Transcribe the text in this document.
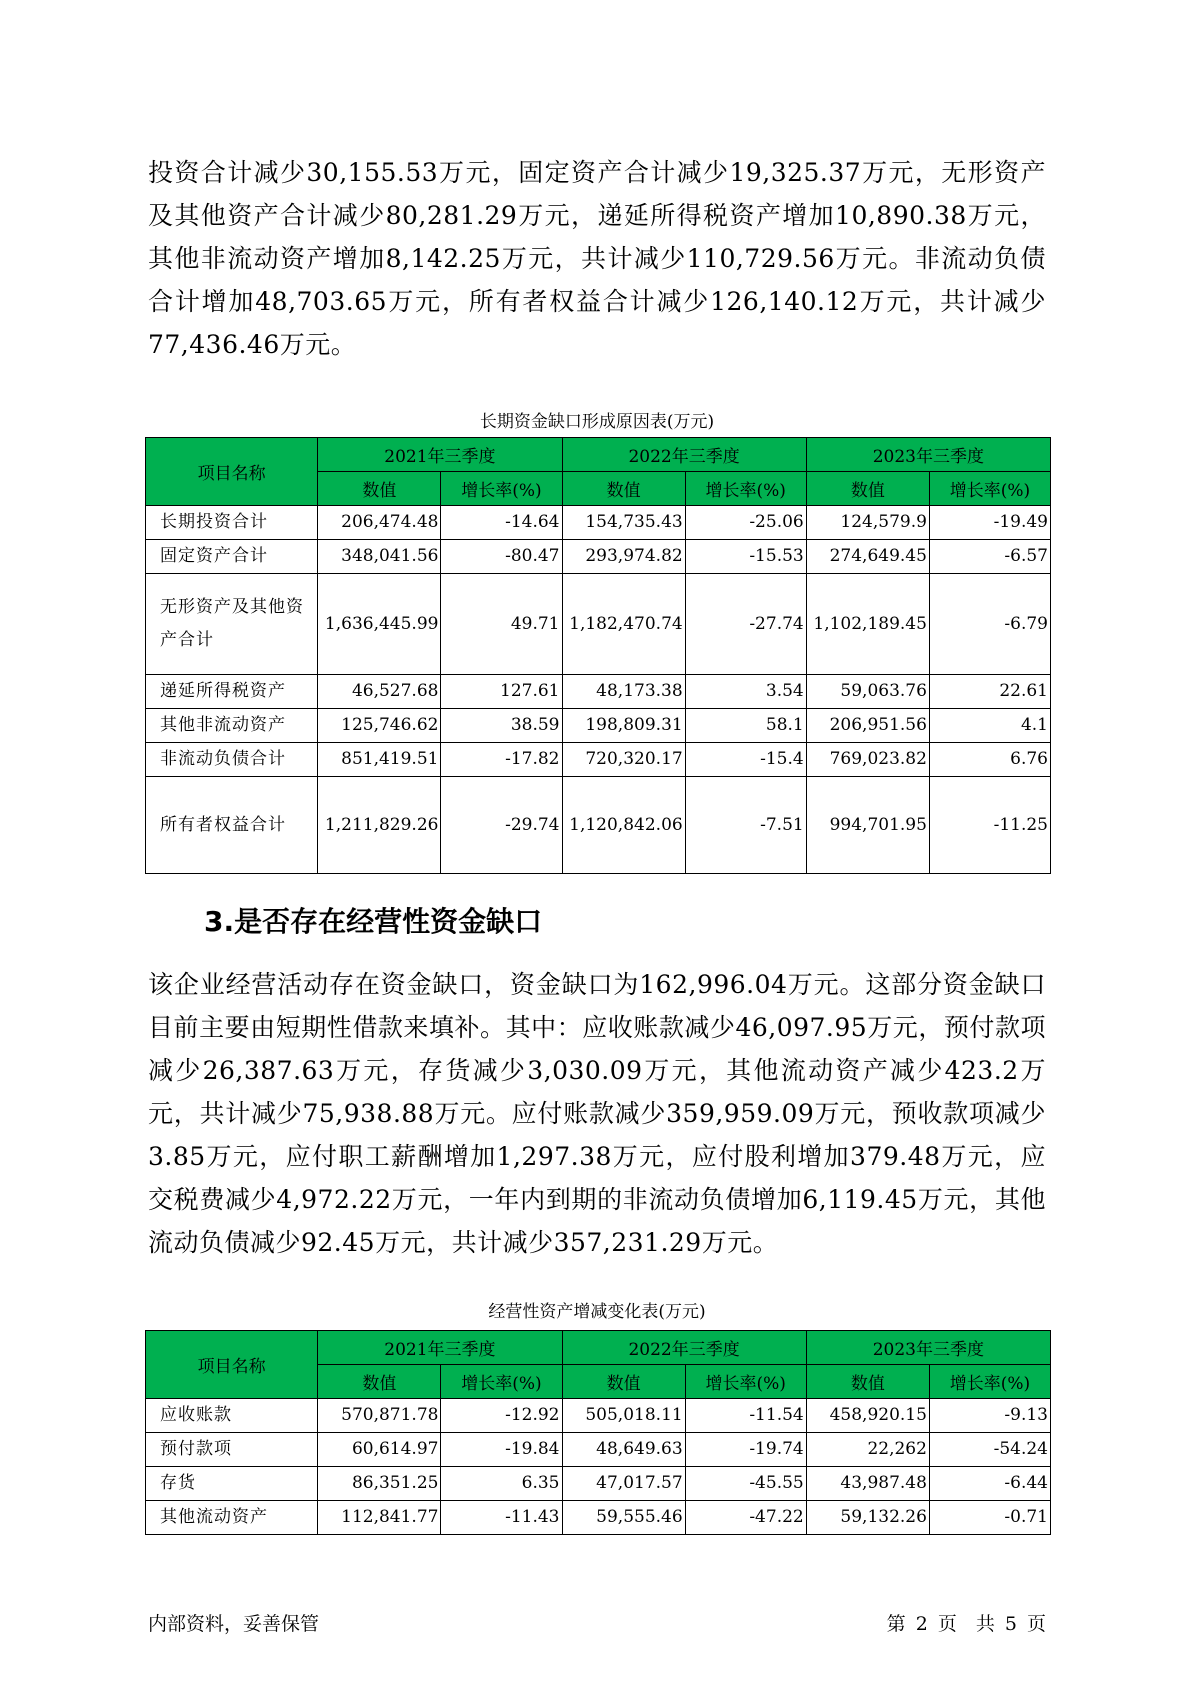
投资合计减少30,155.53万元，固定资产合计减少19,325.37万元，无形资产及其他资产合计减少80,281.29万元，递延所得税资产增加10,890.38万元，其他非流动资产增加8,142.25万元，共计减少110,729.56万元。非流动负债合计增加48,703.65万元，所有者权益合计减少126,140.12万元，共计减少77,436.46万元。

长期资金缺口形成原因表(万元)
项目名称	2021年三季度		2022年三季度		2023年三季度	
	数值	增长率(%)	数值	增长率(%)	数值	增长率(%)
长期投资合计	206,474.48	-14.64	154,735.43	-25.06	124,579.9	-19.49
固定资产合计	348,041.56	-80.47	293,974.82	-15.53	274,649.45	-6.57
无形资产及其他资产合计	1,636,445.99	49.71	1,182,470.74	-27.74	1,102,189.45	-6.79
递延所得税资产	46,527.68	127.61	48,173.38	3.54	59,063.76	22.61
其他非流动资产	125,746.62	38.59	198,809.31	58.1	206,951.56	4.1
非流动负债合计	851,419.51	-17.82	720,320.17	-15.4	769,023.82	6.76
所有者权益合计	1,211,829.26	-29.74	1,120,842.06	-7.51	994,701.95	-11.25
3.是否存在经营性资金缺口

该企业经营活动存在资金缺口，资金缺口为162,996.04万元。这部分资金缺口目前主要由短期性借款来填补。其中：应收账款减少46,097.95万元，预付款项减少26,387.63万元，存货减少3,030.09万元，其他流动资产减少423.2万元，共计减少75,938.88万元。应付账款减少359,959.09万元，预收款项减少3.85万元，应付职工薪酬增加1,297.38万元，应付股利增加379.48万元，应交税费减少4,972.22万元，一年内到期的非流动负债增加6,119.45万元，其他流动负债减少92.45万元，共计减少357,231.29万元。

经营性资产增减变化表(万元)
项目名称	2021年三季度		2022年三季度		2023年三季度	
	数值	增长率(%)	数值	增长率(%)	数值	增长率(%)
应收账款	570,871.78	-12.92	505,018.11	-11.54	458,920.15	-9.13
预付款项	60,614.97	-19.84	48,649.63	-19.74	22,262	-54.24
存货	86,351.25	6.35	47,017.57	-45.55	43,987.48	-6.44
其他流动资产	112,841.77	-11.43	59,555.46	-47.22	59,132.26	-0.71
内部资料，妥善保管	第 2 页　共 5 页
